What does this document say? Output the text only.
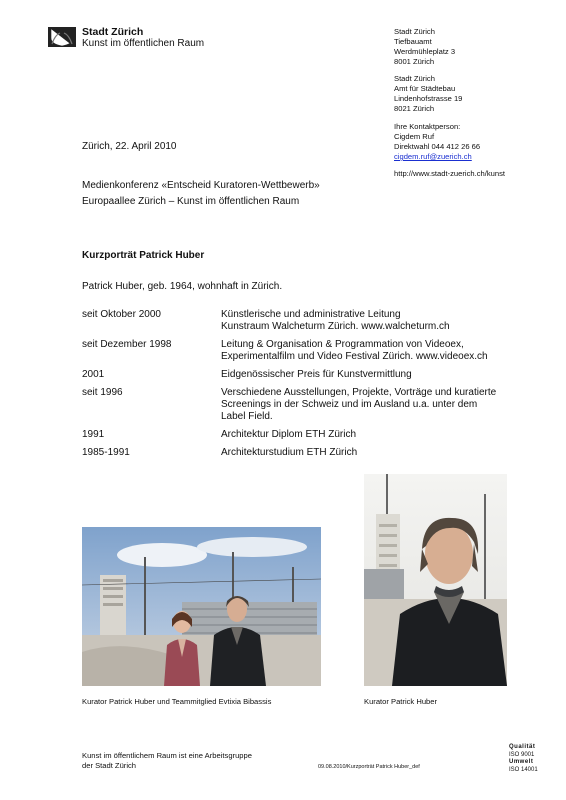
Stadt Zürich
Kunst im öffentlichen Raum
Stadt Zürich
Tiefbauamt
Werdmühleplatz 3
8001 Zürich
Stadt Zürich
Amt für Städtebau
Lindenhofstrasse 19
8021 Zürich
Ihre Kontaktperson:
Cigdem Ruf
Direktwahl 044 412 26 66
cigdem.ruf@zuerich.ch
http://www.stadt-zuerich.ch/kunst
Zürich, 22. April 2010
Medienkonferenz «Entscheid Kuratoren-Wettbewerb»
Europaallee Zürich – Kunst im öffentlichen Raum
Kurzporträt Patrick Huber
Patrick Huber, geb. 1964, wohnhaft in Zürich.
seit Oktober 2000	Künstlerische und administrative Leitung
Kunstraum Walcheturm Zürich. www.walcheturm.ch
seit Dezember 1998	Leitung & Organisation & Programmation von Videoex,
Experimentalfilm und Video Festival Zürich. www.videoex.ch
2001	Eidgenössischer Preis für Kunstvermittlung
seit 1996	Verschiedene Ausstellungen, Projekte, Vorträge und kuratierte
Screenings in der Schweiz und im Ausland u.a. unter dem
Label Field.
1991	Architektur Diplom ETH Zürich
1985-1991	Architekturstudium ETH Zürich
Kurator Patrick Huber und Teammitglied Evtixia Bibassis	Kurator Patrick Huber
Kunst im öffentlichem Raum ist eine Arbeitsgruppe
der Stadt Zürich	09.08.2010/Kurzporträt Patrick Huber_def
Qualität
ISO 9001
Umwelt
ISO 14001
